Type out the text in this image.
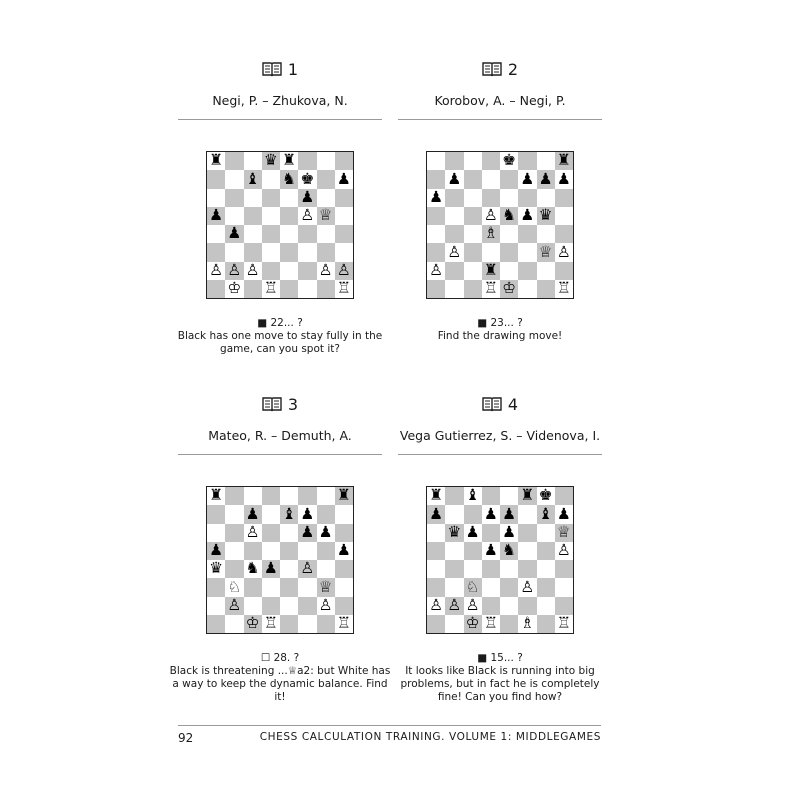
1
Negi, P. – Zhukova, N.
♜	♛ ♜
♝ ♞ ♚ ♟
♟
♟	♙ ♕
♟
♙ ♙ ♙	♙ ♙
♔ ♖	♖
■ 22... ?
Black has one move to stay fully in the game, can you spot it?
2
Korobov, A. – Negi, P.
♚	♜
♟	♟ ♟ ♟
♟
♙ ♞ ♟ ♛
♗
♙	♕ ♙
♙	♜
♖ ♔	♖
■ 23... ?
Find the drawing move!
3
Mateo, R. – Demuth, A.
♜	♜
♟ ♝ ♟
♙	♟ ♟
♟	♟
♛ ♞ ♟ ♙
♘	♕
♙	♙
♔ ♖	♖
☐ 28. ?
Black is threatening ...♕a2: but White has a way to keep the dynamic balance. Find it!
4
Vega Gutierrez, S. – Videnova, I.
♜ ♝	♜ ♚
♟	♟ ♟ ♝ ♟
♛ ♟ ♟	♕
♟ ♞	♙
♘	♙
♙ ♙ ♙
♔ ♖ ♗ ♖
■ 15... ?
It looks like Black is running into big problems, but in fact he is completely fine! Can you find how?
92	CHESS CALCULATION TRAINING. VOLUME 1: MIDDLEGAMES
